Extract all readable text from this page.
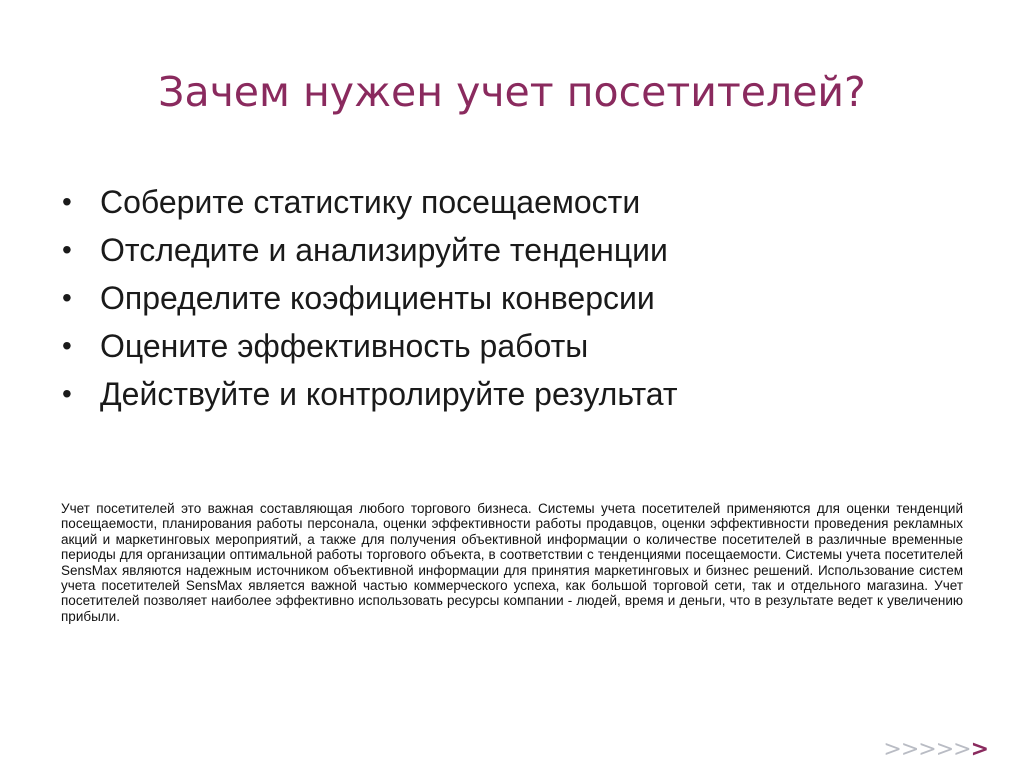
Зачем нужен учет посетителей?
• Соберите статистику посещаемости
• Отследите и анализируйте тенденции
• Определите коэфициенты конверсии
• Оцените эффективность работы
• Действуйте и контролируйте результат

Учет посетителей это важная составляющая любого торгового бизнеса. Системы учета посетителей применяются для оценки тенденций посещаемости, планирования работы персонала, оценки эффективности работы продавцов, оценки эффективности проведения рекламных акций и маркетинговых мероприятий, а также для получения объективной информации о количестве посетителей в различные временные периоды для организации оптимальной работы торгового объекта, в соответствии с тенденциями посещаемости. Системы учета посетителей SensMax являются надежным источником объективной информации для принятия маркетинговых и бизнес решений. Использование систем учета посетителей SensMax является важной частью коммерческого успеха, как большой торговой сети, так и отдельного магазина. Учет посетителей позволяет наиболее эффективно использовать ресурсы компании - людей, время и деньги, что в результате ведет к увеличению прибыли.

>>>>>>
